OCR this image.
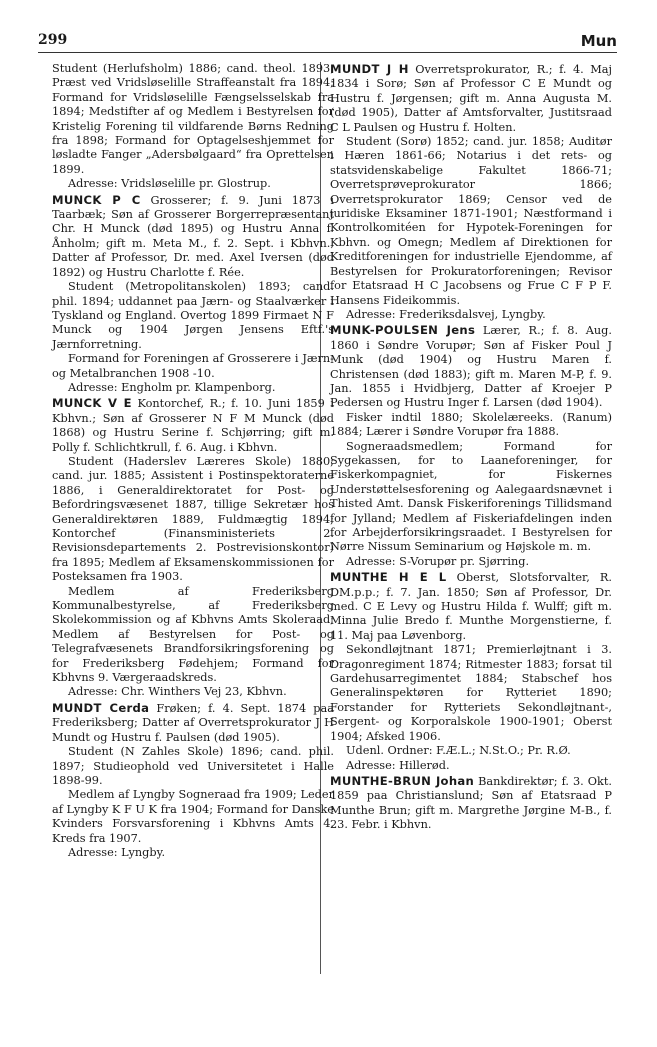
299	Mun

Student (Herlufsholm) 1886; cand. theol. 1893; Præst ved Vridsløselille Straffeanstalt fra 1894; Formand for Vridsløselille Fængselsselskab fra 1894; Medstifter af og Medlem i Bestyrelsen for Kristelig Forening til vildfarende Børns Redning fra 1898; Formand for Optagelseshjemmet for løsladte Fanger „Adersbølgaard“ fra Oprettelsen 1899.

Adresse: Vridsløselille pr. Glostrup.

MUNCK P C Grosserer; f. 9. Juni 1873 i Taarbæk; Søn af Grosserer Borgerrepræsentant Chr. H Munck (død 1895) og Hustru Anna f. Ånholm; gift m. Meta M., f. 2. Sept. i Kbhvn., Datter af Professor, Dr. med. Axel Iversen (død 1892) og Hustru Charlotte f. Rée.

Student (Metropolitanskolen) 1893; cand. phil. 1894; uddannet paa Jærn- og Staalværker i Tyskland og England. Overtog 1899 Firmaet N F Munck og 1904 Jørgen Jensens Eftf.'s Jærnforretning.

Formand for Foreningen af Grosserere i Jærn- og Metalbranchen 1908 -10.

Adresse: Engholm pr. Klampenborg.

MUNCK V E Kontorchef, R.; f. 10. Juni 1859 i Kbhvn.; Søn af Grosserer N F M Munck (død 1868) og Hustru Serine f. Schjørring; gift m. Polly f. Schlichtkrull, f. 6. Aug. i Kbhvn.

Student (Haderslev Læreres Skole) 1880; cand. jur. 1885; Assistent i Postinspektoraterne 1886, i Generaldirektoratet for Post- og Befordringsvæsenet 1887, tillige Sekretær hos Generaldirektøren 1889, Fuldmægtig 1894; Kontorchef (Finansministeriets 2. Revisionsdepartements 2. Postrevisionskontor) fra 1895; Medlem af Eksamenskommissionen for Posteksamen fra 1903.

Medlem af Frederiksberg Kommunalbestyrelse, af Frederiksberg Skolekommission og af Kbhvns Amts Skoleraad; Medlem af Bestyrelsen for Post- og Telegrafvæsenets Brandforsikringsforening og for Frederiksberg Fødehjem; Formand for Kbhvns 9. Værgeraadskreds.

Adresse: Chr. Winthers Vej 23, Kbhvn.

MUNDT Cerda Frøken; f. 4. Sept. 1874 paa Frederiksberg; Datter af Overretsprokurator J H Mundt og Hustru f. Paulsen (død 1905).

Student (N Zahles Skole) 1896; cand. phil. 1897; Studieophold ved Universitetet i Halle 1898-99.

Medlem af Lyngby Sogneraad fra 1909; Leder af Lyngby K F U K fra 1904; Formand for Danske Kvinders Forsvarsforening i Kbhvns Amts 4. Kreds fra 1907.

Adresse: Lyngby.

MUNDT J H Overretsprokurator, R.; f. 4. Maj 1834 i Sorø; Søn af Professor C E Mundt og Hustru f. Jørgensen; gift m. Anna Augusta M. (død 1905), Datter af Amtsforvalter, Justitsraad C L Paulsen og Hustru f. Holten.

Student (Sorø) 1852; cand. jur. 1858; Auditør i Hæren 1861-66; Notarius i det rets- og statsvidenskabelige Fakultet 1866-71; Overretsprøveprokurator 1866; Overretsprokurator 1869; Censor ved de juridiske Eksaminer 1871-1901; Næstformand i Kontrolkomitéen for Hypotek-Foreningen for Kbhvn. og Omegn; Medlem af Direktionen for Kreditforeningen for industrielle Ejendomme, af Bestyrelsen for Prokuratorforeningen; Revisor for Etatsraad H C Jacobsens og Frue C F P F. Hansens Fideikommis.

Adresse: Frederiksdalsvej, Lyngby.

MUNK-POULSEN Jens Lærer, R.; f. 8. Aug. 1860 i Søndre Vorupør; Søn af Fisker Poul J Munk (død 1904) og Hustru Maren f. Christensen (død 1883); gift m. Maren M-P, f. 9. Jan. 1855 i Hvidbjerg, Datter af Kroejer P Pedersen og Hustru Inger f. Larsen (død 1904).

Fisker indtil 1880; Skolelæreeks. (Ranum) 1884; Lærer i Søndre Vorupør fra 1888.

Sogneraadsmedlem; Formand for Sygekassen, for to Laaneforeninger, for Fiskerkompagniet, for Fiskernes Understøttelsesforening og Aalegaardsnævnet i Thisted Amt. Dansk Fiskeriforenings Tillidsmand for Jylland; Medlem af Fiskeriafdelingen inden for Arbejderforsikringsraadet. I Bestyrelsen for Nørre Nissum Seminarium og Højskole m. m.

Adresse: S-Vorupør pr. Sjørring.

MUNTHE H E L Oberst, Slotsforvalter, R. DM.p.p.; f. 7. Jan. 1850; Søn af Professor, Dr. med. C E Levy og Hustru Hilda f. Wulff; gift m. Minna Julie Bredo f. Munthe Morgenstierne, f. 11. Maj paa Løvenborg.

Sekondløjtnant 1871; Premierløjtnant i 3. Dragonregiment 1874; Ritmester 1883; forsat til Gardehusarregimentet 1884; Stabschef hos Generalinspektøren for Rytteriet 1890; Forstander for Rytteriets Sekondløjtnant-, Sergent- og Korporalskole 1900-1901; Oberst 1904; Afsked 1906.

Udenl. Ordner: F.Æ.L.; N.St.O.; Pr. R.Ø.

Adresse: Hillerød.

MUNTHE-BRUN Johan Bankdirektør; f. 3. Okt. 1859 paa Christianslund; Søn af Etatsraad P Munthe Brun; gift m. Margrethe Jørgine M-B., f. 23. Febr. i Kbhvn.
